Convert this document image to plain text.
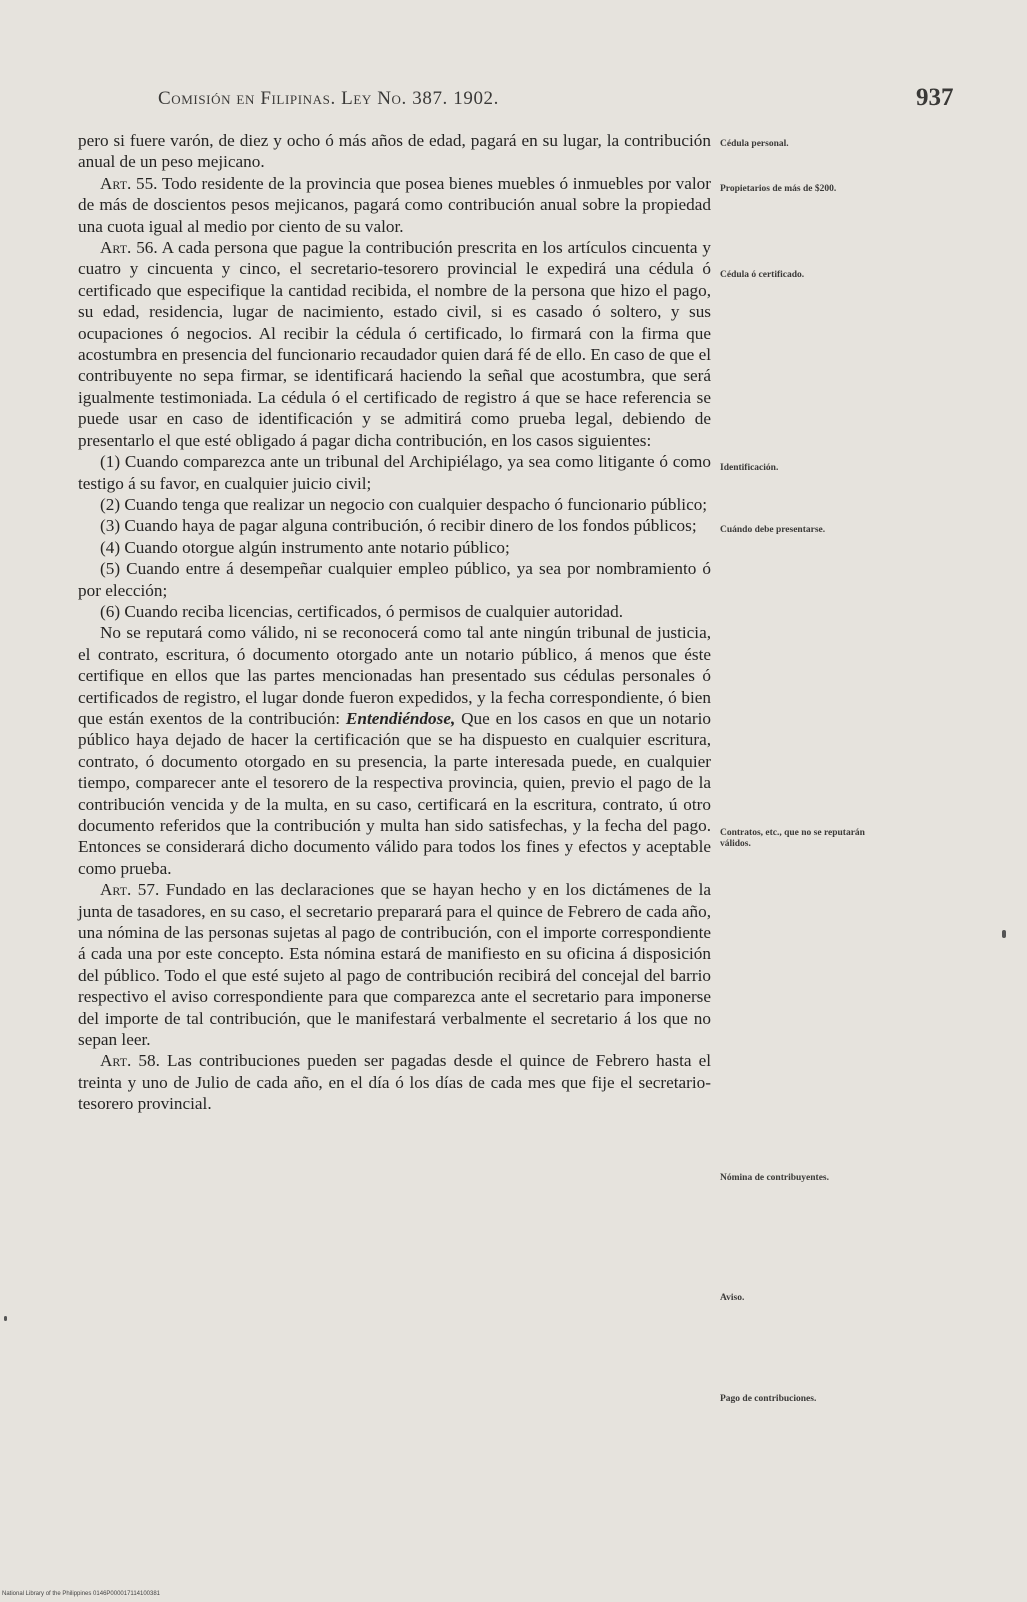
Comisión en Filipinas. Ley No. 387. 1902.	937

pero si fuere varón, de diez y ocho ó más años de edad, pagará en su lugar, la contribución anual de un peso mejicano.

Art. 55. Todo residente de la provincia que posea bienes muebles ó inmuebles por valor de más de doscientos pesos mejicanos, pagará como contribución anual sobre la propiedad una cuota igual al medio por ciento de su valor.

Art. 56. A cada persona que pague la contribución prescrita en los artículos cincuenta y cuatro y cincuenta y cinco, el secretario-tesorero provincial le expedirá una cédula ó certificado que especifique la cantidad recibida, el nombre de la persona que hizo el pago, su edad, residencia, lugar de nacimiento, estado civil, si es casado ó soltero, y sus ocupaciones ó negocios. Al recibir la cédula ó certificado, lo firmará con la firma que acostumbra en presencia del funcionario recaudador quien dará fé de ello. En caso de que el contribuyente no sepa firmar, se identificará haciendo la señal que acostumbra, que será igualmente testimoniada. La cédula ó el certificado de registro á que se hace referencia se puede usar en caso de identificación y se admitirá como prueba legal, debiendo de presentarlo el que esté obligado á pagar dicha contribución, en los casos siguientes:

(1) Cuando comparezca ante un tribunal del Archipiélago, ya sea como litigante ó como testigo á su favor, en cualquier juicio civil;

(2) Cuando tenga que realizar un negocio con cualquier despacho ó funcionario público;

(3) Cuando haya de pagar alguna contribución, ó recibir dinero de los fondos públicos;

(4) Cuando otorgue algún instrumento ante notario público;

(5) Cuando entre á desempeñar cualquier empleo público, ya sea por nombramiento ó por elección;

(6) Cuando reciba licencias, certificados, ó permisos de cualquier autoridad.

No se reputará como válido, ni se reconocerá como tal ante ningún tribunal de justicia, el contrato, escritura, ó documento otorgado ante un notario público, á menos que éste certifique en ellos que las partes mencionadas han presentado sus cédulas personales ó certificados de registro, el lugar donde fueron expedidos, y la fecha correspondiente, ó bien que están exentos de la contribución: Entendiéndose, Que en los casos en que un notario público haya dejado de hacer la certificación que se ha dispuesto en cualquier escritura, contrato, ó documento otorgado en su presencia, la parte interesada puede, en cualquier tiempo, comparecer ante el tesorero de la respectiva provincia, quien, previo el pago de la contribución vencida y de la multa, en su caso, certificará en la escritura, contrato, ú otro documento referidos que la contribución y multa han sido satisfechas, y la fecha del pago. Entonces se considerará dicho documento válido para todos los fines y efectos y aceptable como prueba.

Art. 57. Fundado en las declaraciones que se hayan hecho y en los dictámenes de la junta de tasadores, en su caso, el secretario preparará para el quince de Febrero de cada año, una nómina de las personas sujetas al pago de contribución, con el importe correspondiente á cada una por este concepto. Esta nómina estará de manifiesto en su oficina á disposición del público. Todo el que esté sujeto al pago de contribución recibirá del concejal del barrio respectivo el aviso correspondiente para que comparezca ante el secretario para imponerse del importe de tal contribución, que le manifestará verbalmente el secretario á los que no sepan leer.

Art. 58. Las contribuciones pueden ser pagadas desde el quince de Febrero hasta el treinta y uno de Julio de cada año, en el día ó los días de cada mes que fije el secretario-tesorero provincial.

Cédula personal.
Propietarios de más de $200.
Cédula ó certificado.
Identificación.
Cuándo debe presentarse.
Contratos, etc., que no se reputarán válidos.
Nómina de contribuyentes.
Aviso.
Pago de contribuciones.
National Library of the Philippines 0146P000017114100381
